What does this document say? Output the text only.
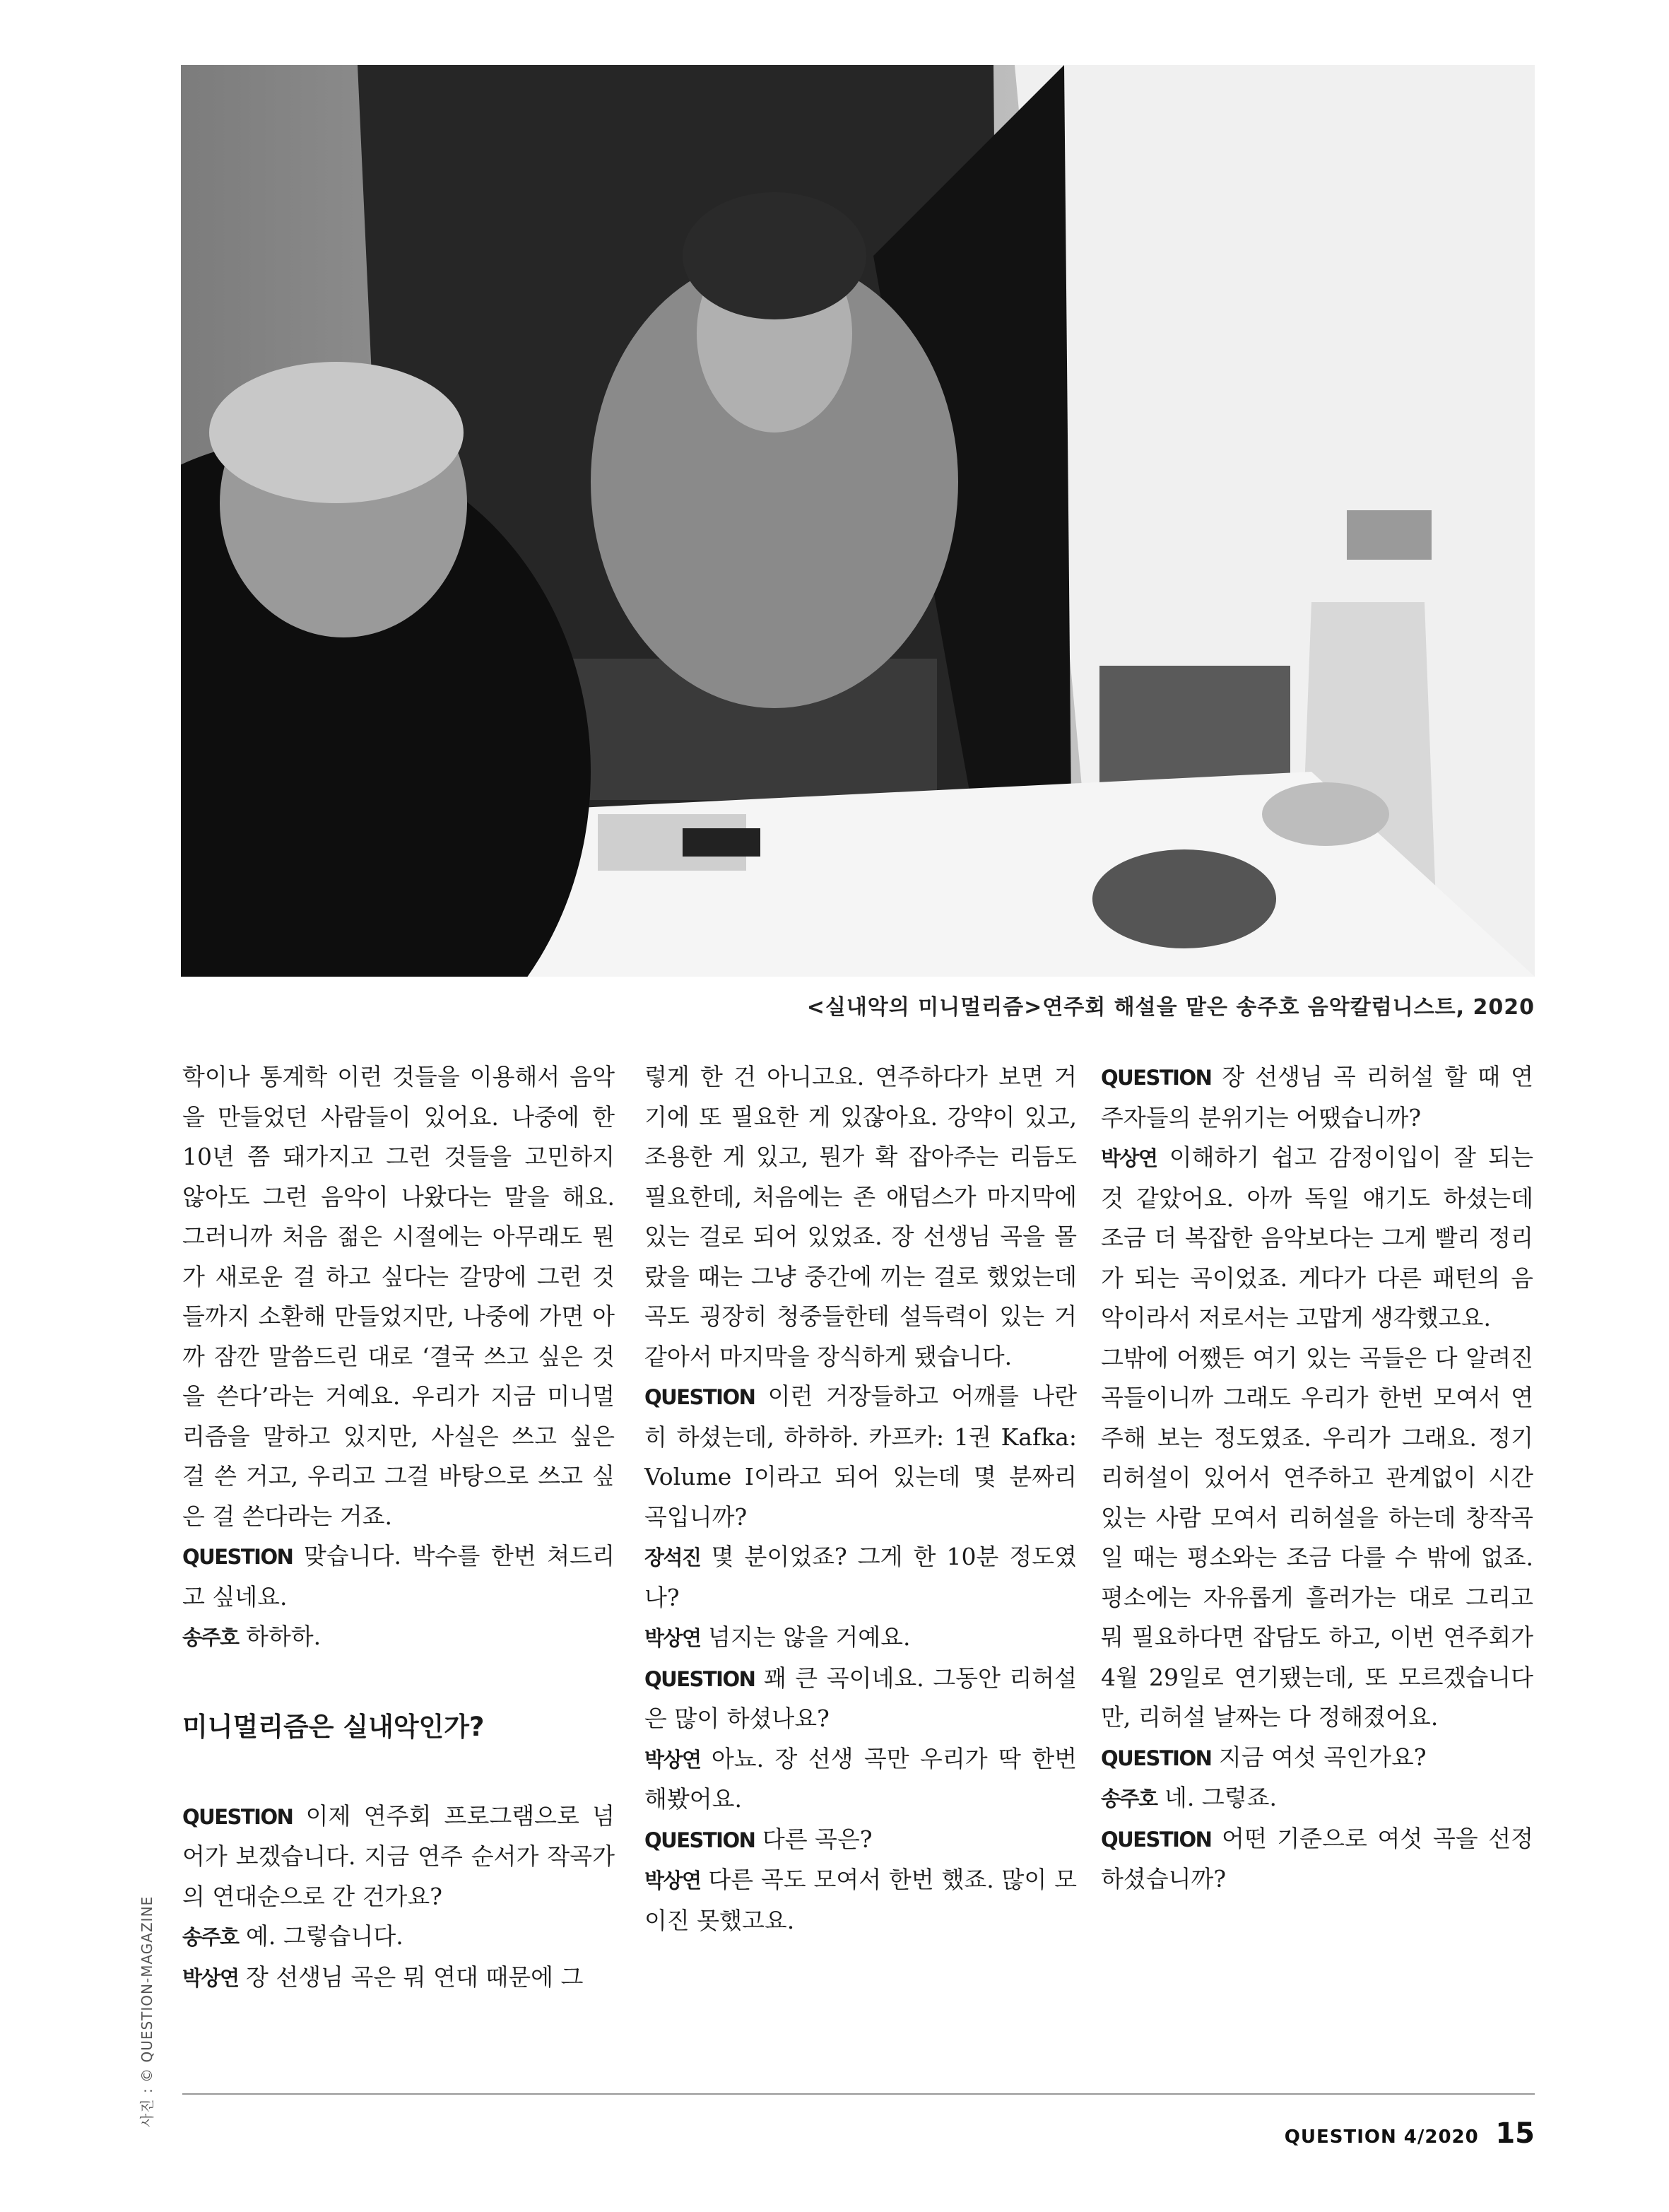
<실내악의 미니멀리즘>연주회 해설을 맡은 송주호 음악칼럼니스트, 2020

학이나 통계학 이런 것들을 이용해서 음악을 만들었던 사람들이 있어요. 나중에 한 10년 쯤 돼가지고 그런 것들을 고민하지 않아도 그런 음악이 나왔다는 말을 해요. 그러니까 처음 젊은 시절에는 아무래도 뭔가 새로운 걸 하고 싶다는 갈망에 그런 것들까지 소환해 만들었지만, 나중에 가면 아까 잠깐 말씀드린 대로 ‘결국 쓰고 싶은 것을 쓴다’라는 거예요. 우리가 지금 미니멀리즘을 말하고 있지만, 사실은 쓰고 싶은 걸 쓴 거고, 우리고 그걸 바탕으로 쓰고 싶은 걸 쓴다라는 거죠.

QUESTION 맞습니다. 박수를 한번 쳐드리고 싶네요.

송주호 하하하.

미니멀리즘은 실내악인가?

QUESTION 이제 연주회 프로그램으로 넘어가 보겠습니다. 지금 연주 순서가 작곡가의 연대순으로 간 건가요?

송주호 예. 그렇습니다.

박상연 장 선생님 곡은 뭐 연대 때문에 그

렇게 한 건 아니고요. 연주하다가 보면 거기에 또 필요한 게 있잖아요. 강약이 있고, 조용한 게 있고, 뭔가 확 잡아주는 리듬도 필요한데, 처음에는 존 애덤스가 마지막에 있는 걸로 되어 있었죠. 장 선생님 곡을 몰랐을 때는 그냥 중간에 끼는 걸로 했었는데 곡도 굉장히 청중들한테 설득력이 있는 거 같아서 마지막을 장식하게 됐습니다.

QUESTION 이런 거장들하고 어깨를 나란히 하셨는데, 하하하. 카프카: 1권 Kafka: Volume I이라고 되어 있는데 몇 분짜리 곡입니까?

장석진 몇 분이었죠? 그게 한 10분 정도였나?

박상연 넘지는 않을 거예요.

QUESTION 꽤 큰 곡이네요. 그동안 리허설은 많이 하셨나요?

박상연 아뇨. 장 선생 곡만 우리가 딱 한번 해봤어요.

QUESTION 다른 곡은?

박상연 다른 곡도 모여서 한번 했죠. 많이 모이진 못했고요.

QUESTION 장 선생님 곡 리허설 할 때 연주자들의 분위기는 어땠습니까?

박상연 이해하기 쉽고 감정이입이 잘 되는 것 같았어요. 아까 독일 얘기도 하셨는데 조금 더 복잡한 음악보다는 그게 빨리 정리가 되는 곡이었죠. 게다가 다른 패턴의 음악이라서 저로서는 고맙게 생각했고요.

그밖에 어쨌든 여기 있는 곡들은 다 알려진 곡들이니까 그래도 우리가 한번 모여서 연주해 보는 정도였죠. 우리가 그래요. 정기 리허설이 있어서 연주하고 관계없이 시간 있는 사람 모여서 리허설을 하는데 창작곡일 때는 평소와는 조금 다를 수 밖에 없죠. 평소에는 자유롭게 흘러가는 대로 그리고 뭐 필요하다면 잡담도 하고, 이번 연주회가 4월 29일로 연기됐는데, 또 모르겠습니다만, 리허설 날짜는 다 정해졌어요.

QUESTION 지금 여섯 곡인가요?

송주호 네. 그렇죠.

QUESTION 어떤 기준으로 여섯 곡을 선정하셨습니까?

사진 : © QUESTION-MAGAZINE
QUESTION 4/2020 15
